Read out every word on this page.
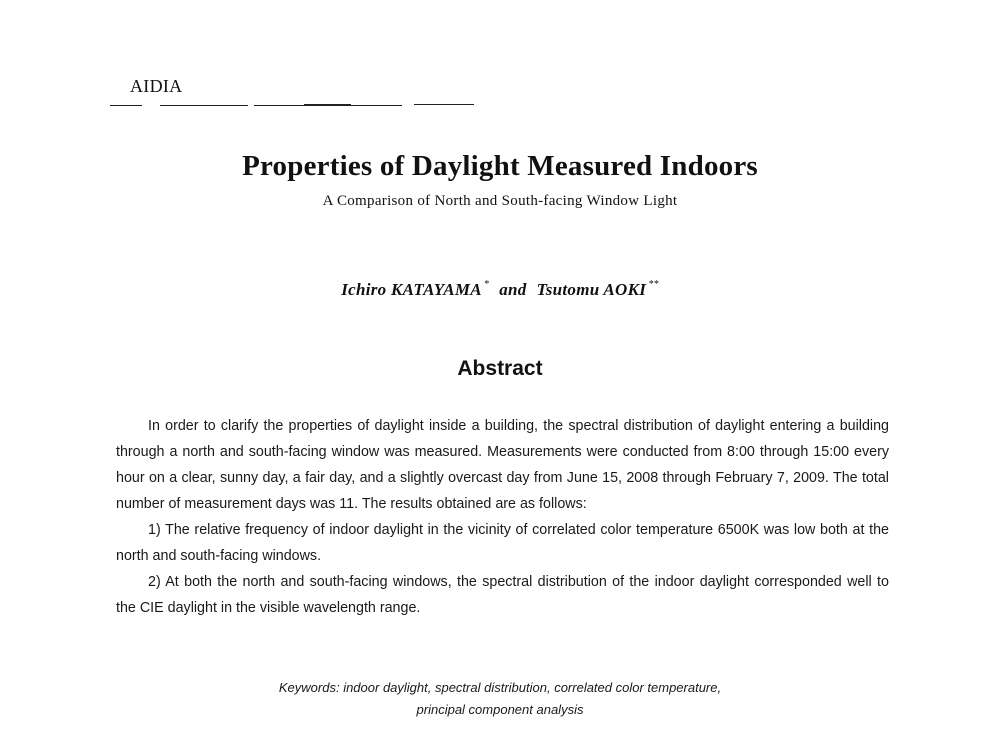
AIDIA
Properties of Daylight Measured Indoors
A Comparison of North and South-facing Window Light
Ichiro KATAYAMA * and Tsutomu AOKI **
Abstract

In order to clarify the properties of daylight inside a building, the spectral distribution of daylight entering a building through a north and south-facing window was measured. Measurements were conducted from 8:00 through 15:00 every hour on a clear, sunny day, a fair day, and a slightly overcast day from June 15, 2008 through February 7, 2009. The total number of measurement days was 11. The results obtained are as follows:

1) The relative frequency of indoor daylight in the vicinity of correlated color temperature 6500K was low both at the north and south-facing windows.

2) At both the north and south-facing windows, the spectral distribution of the indoor daylight corresponded well to the CIE daylight in the visible wavelength range.

Keywords: indoor daylight, spectral distribution, correlated color temperature,
principal component analysis
